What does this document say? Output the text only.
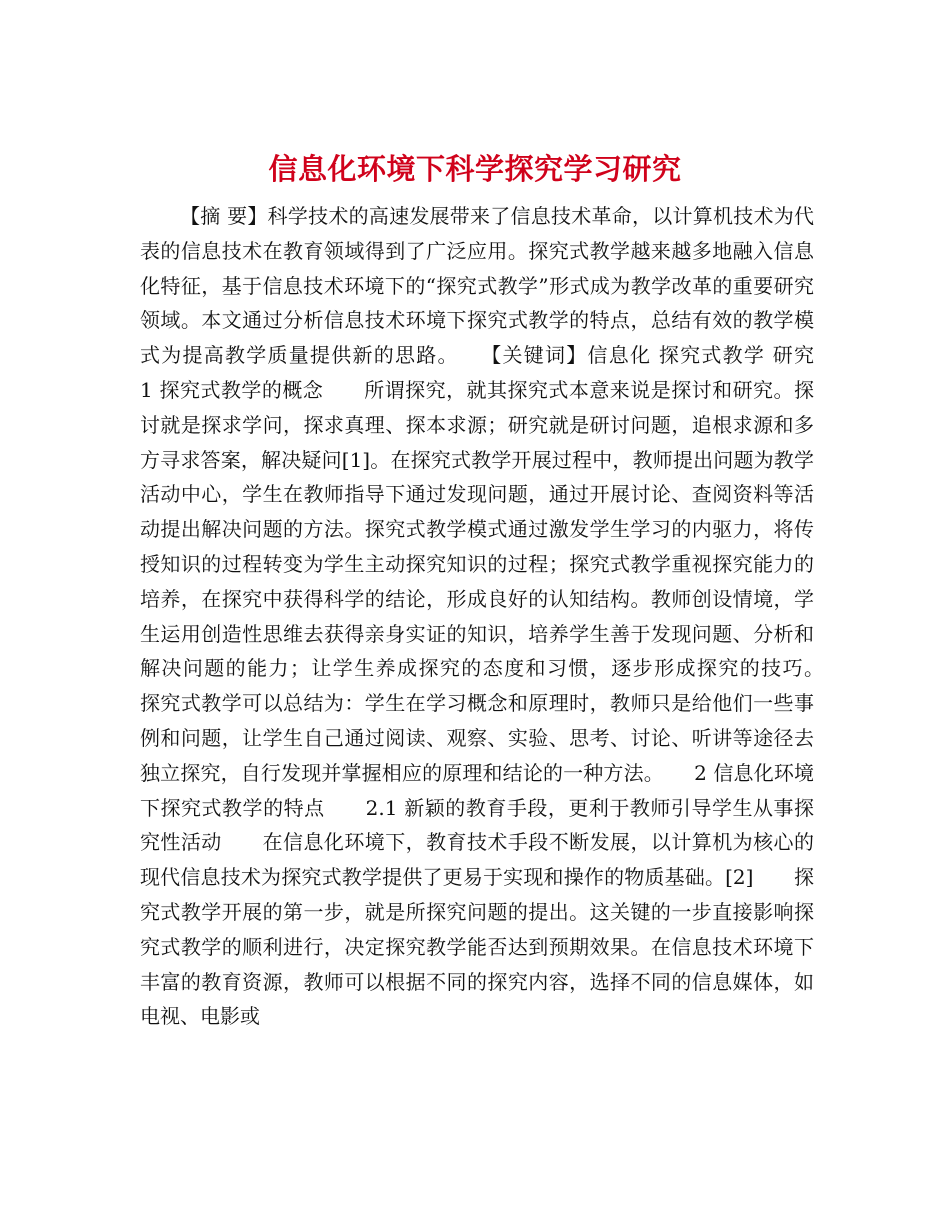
信息化环境下科学探究学习研究

【摘 要】科学技术的高速发展带来了信息技术革命，以计算机技术为代表的信息技术在教育领域得到了广泛应用。探究式教学越来越多地融入信息化特征，基于信息技术环境下的“探究式教学”形式成为教学改革的重要研究领域。本文通过分析信息技术环境下探究式教学的特点，总结有效的教学模式为提高教学质量提供新的思路。　　【关键词】信息化 探究式教学 研究　　1 探究式教学的概念　　所谓探究，就其探究式本意来说是探讨和研究。探讨就是探求学问，探求真理、探本求源；研究就是研讨问题，追根求源和多方寻求答案，解决疑问[1]。在探究式教学开展过程中，教师提出问题为教学活动中心，学生在教师指导下通过发现问题，通过开展讨论、查阅资料等活动提出解决问题的方法。探究式教学模式通过激发学生学习的内驱力，将传授知识的过程转变为学生主动探究知识的过程；探究式教学重视探究能力的培养，在探究中获得科学的结论，形成良好的认知结构。教师创设情境，学生运用创造性思维去获得亲身实证的知识，培养学生善于发现问题、分析和解决问题的能力；让学生养成探究的态度和习惯，逐步形成探究的技巧。　　探究式教学可以总结为：学生在学习概念和原理时，教师只是给他们一些事例和问题，让学生自己通过阅读、观察、实验、思考、讨论、听讲等途径去独立探究，自行发现并掌握相应的原理和结论的一种方法。　　2 信息化环境下探究式教学的特点　　2.1 新颖的教育手段，更利于教师引导学生从事探究性活动　　在信息化环境下，教育技术手段不断发展，以计算机为核心的现代信息技术为探究式教学提供了更易于实现和操作的物质基础。[2]　　探究式教学开展的第一步，就是所探究问题的提出。这关键的一步直接影响探究式教学的顺利进行，决定探究教学能否达到预期效果。在信息技术环境下丰富的教育资源，教师可以根据不同的探究内容，选择不同的信息媒体，如电视、电影或
